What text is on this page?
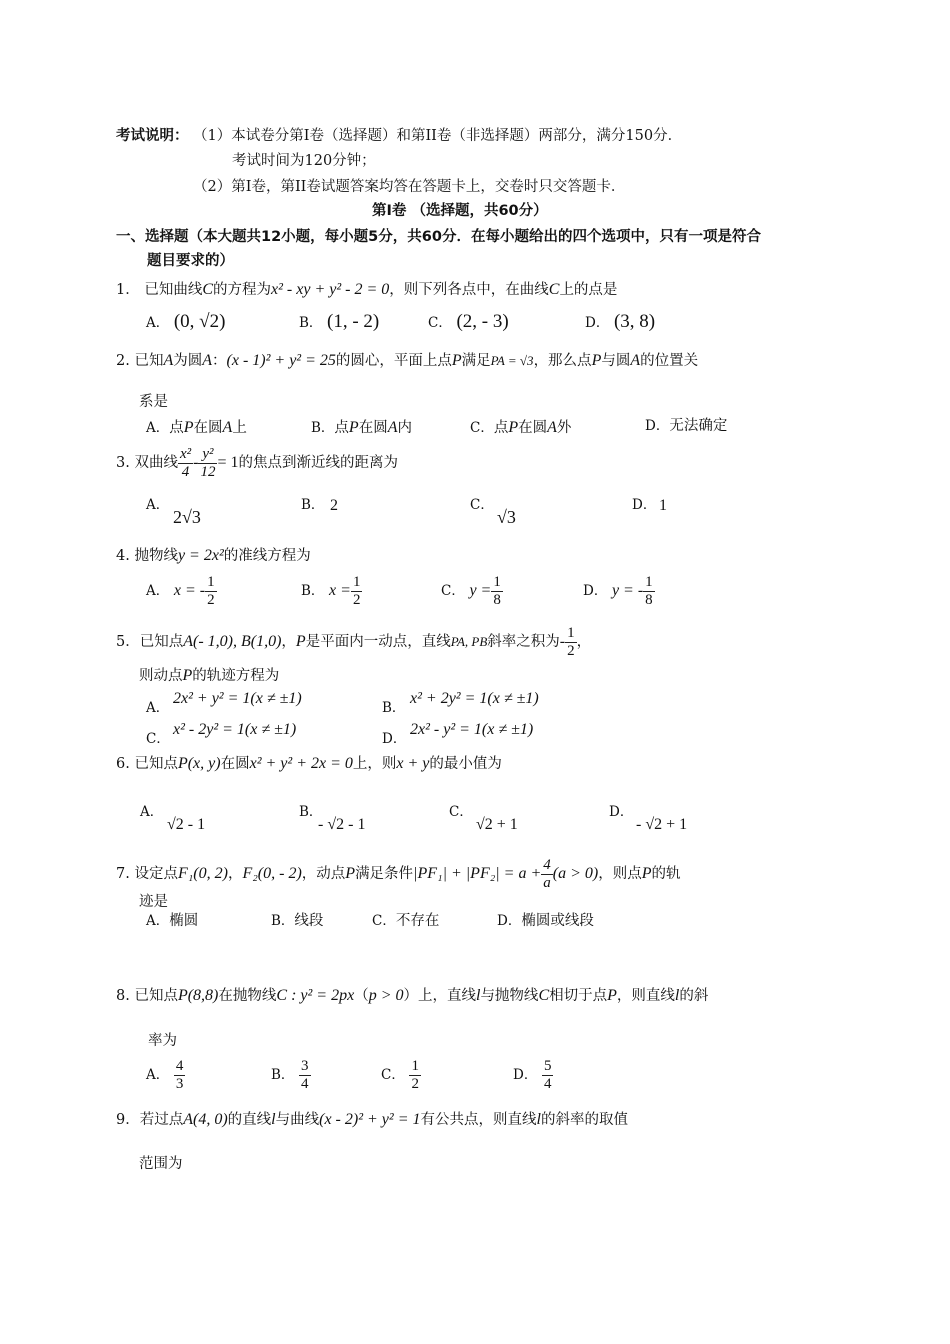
考试说明： （1）本试卷分第Ⅰ卷（选择题）和第ⅠⅠ卷（非选择题）两部分，满分150分．
考试时间为120分钟；
（2）第Ⅰ卷，第ⅠⅠ卷试题答案均答在答题卡上，交卷时只交答题卡．
第Ⅰ卷 （选择题，共60分）
一、选择题（本大题共12小题，每小题5分，共60分．在每小题给出的四个选项中，只有一项是符合
题目要求的）
1． 已知曲线C的方程为x² - xy + y² - 2 = 0，则下列各点中，在曲线C上的点是
A． (0, √2)	B． (1, - 2)	C． (2, - 3)	D． (3, 8)
2. 已知A为圆A：(x - 1)² + y² = 25的圆心，平面上点P满足PA = √3，那么点P与圆A的位置关
系是
A．点P在圆A上	B．点P在圆A内	C．点P在圆A外	D．无法确定
3. 双曲线 $\frac{\text{x²}}{4} - \frac{\text{y²}}{12} = 1$的焦点到渐近线的距离为
A．
2√3
B． 2	C．
√3
D． 1
4. 抛物线y = 2x²的准线方程为
A． x = - $\frac{1}{2}$	B． $x = \frac{1}{2}$	C． $y = \frac{1}{8}$	D． y = - $\frac{1}{8}$
5．已知点A(- 1,0), B(1,0)，P是平面内一动点，直线PA, PB斜率之积为- $\frac{1}{2}$ ，
则动点P的轨迹方程为
A．
2x² + y² = 1(x ≠ ±1)
B．
x² + 2y² = 1(x ≠ ±1)
C．
x² - 2y² = 1(x ≠ ±1)
D．
2x² - y² = 1(x ≠ ±1)
6. 已知点P(x, y)在圆x² + y² + 2x = 0上，则x + y的最小值为
A．
√2 - 1
B．
- √2 - 1
C．
√2 + 1
D．
- √2 + 1
7. 设定点F₁(0, 2)，F₂(0, - 2)，动点P满足条件$|PF_1| + |PF_2| = a + \frac{4}{a} (a > 0)$，则点P的轨
迹是
A．椭圆	B．线段	C．不存在	D．椭圆或线段
8. 已知点P(8,8)在抛物线C : y² = 2px（p > 0）上，直线l与抛物线C相切于点P，则直线l的斜
率为
A． $\frac{4}{3}$	B． $\frac{3}{4}$	C． $\frac{1}{2}$	D． $\frac{5}{4}$
9．若过点A(4, 0)的直线l与曲线(x - 2)² + y² = 1有公共点，则直线l的斜率的取值
范围为
